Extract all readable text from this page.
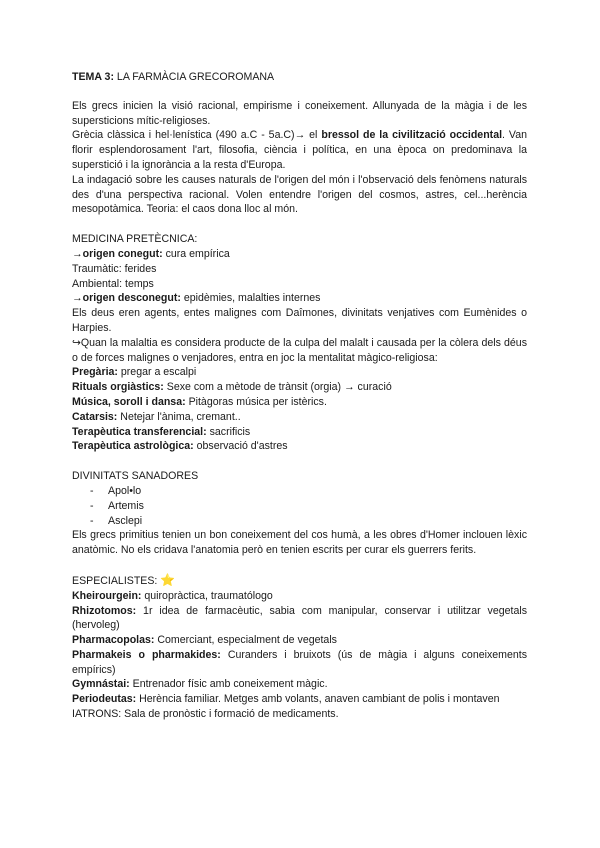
TEMA 3: LA FARMÀCIA GRECOROMANA

Els grecs inicien la visió racional, empirisme i coneixement. Allunyada de la màgia i de les supersticions mític-religioses.

Grècia clàssica i hel·lenística (490 a.C - 5a.C)→ el bressol de la civilització occidental. Van florir esplendorosament l'art, filosofia, ciència i política, en una època on predominava la superstició i la ignorància a la resta d'Europa.

La indagació sobre les causes naturals de l'origen del món i l'observació dels fenòmens naturals des d'una perspectiva racional. Volen entendre l'origen del cosmos, astres, cel...herència mesopotàmica. Teoria: el caos dona lloc al món.

MEDICINA PRETÈCNICA:

→origen conegut: cura empírica

Traumàtic: ferides

Ambiental: temps

→origen desconegut: epidèmies, malalties internes

Els deus eren agents, entes malignes com Daîmones, divinitats venjatives com Eumènides o Harpies.

↪Quan la malaltia es considera producte de la culpa del malalt i causada per la còlera dels déus o de forces malignes o venjadores, entra en joc la mentalitat màgico-religiosa:

Pregària: pregar a escalpi

Rituals orgiàstics: Sexe com a mètode de trànsit (orgia) → curació

Música, soroll i dansa: Pitàgoras música per istèrics.

Catarsis: Netejar l'ànima, cremant..

Terapèutica transferencial: sacrificis

Terapèutica astrològica: observació d'astres

DIVINITATS SANADORES

- Apol•lo
- Artemis
- Asclepi

Els grecs primitius tenien un bon coneixement del cos humà, a les obres d'Homer inclouen lèxic anatòmic. No els cridava l'anatomia però en tenien escrits per curar els guerrers ferits.

ESPECIALISTES: ⭐

Kheirourgein: quiropràctica, traumatólogo

Rhizotomos: 1r idea de farmacèutic, sabia com manipular, conservar i utilitzar vegetals (hervoleg)

Pharmacopolas: Comerciant, especialment de vegetals

Pharmakeis o pharmakides: Curanders i bruixots (ús de màgia i alguns coneixements empírics)

Gymnástai: Entrenador físic amb coneixement màgic.

Periodeutas: Herència familiar. Metges amb volants, anaven cambiant de polis i montaven

IATRONS: Sala de pronòstic i formació de medicaments.
